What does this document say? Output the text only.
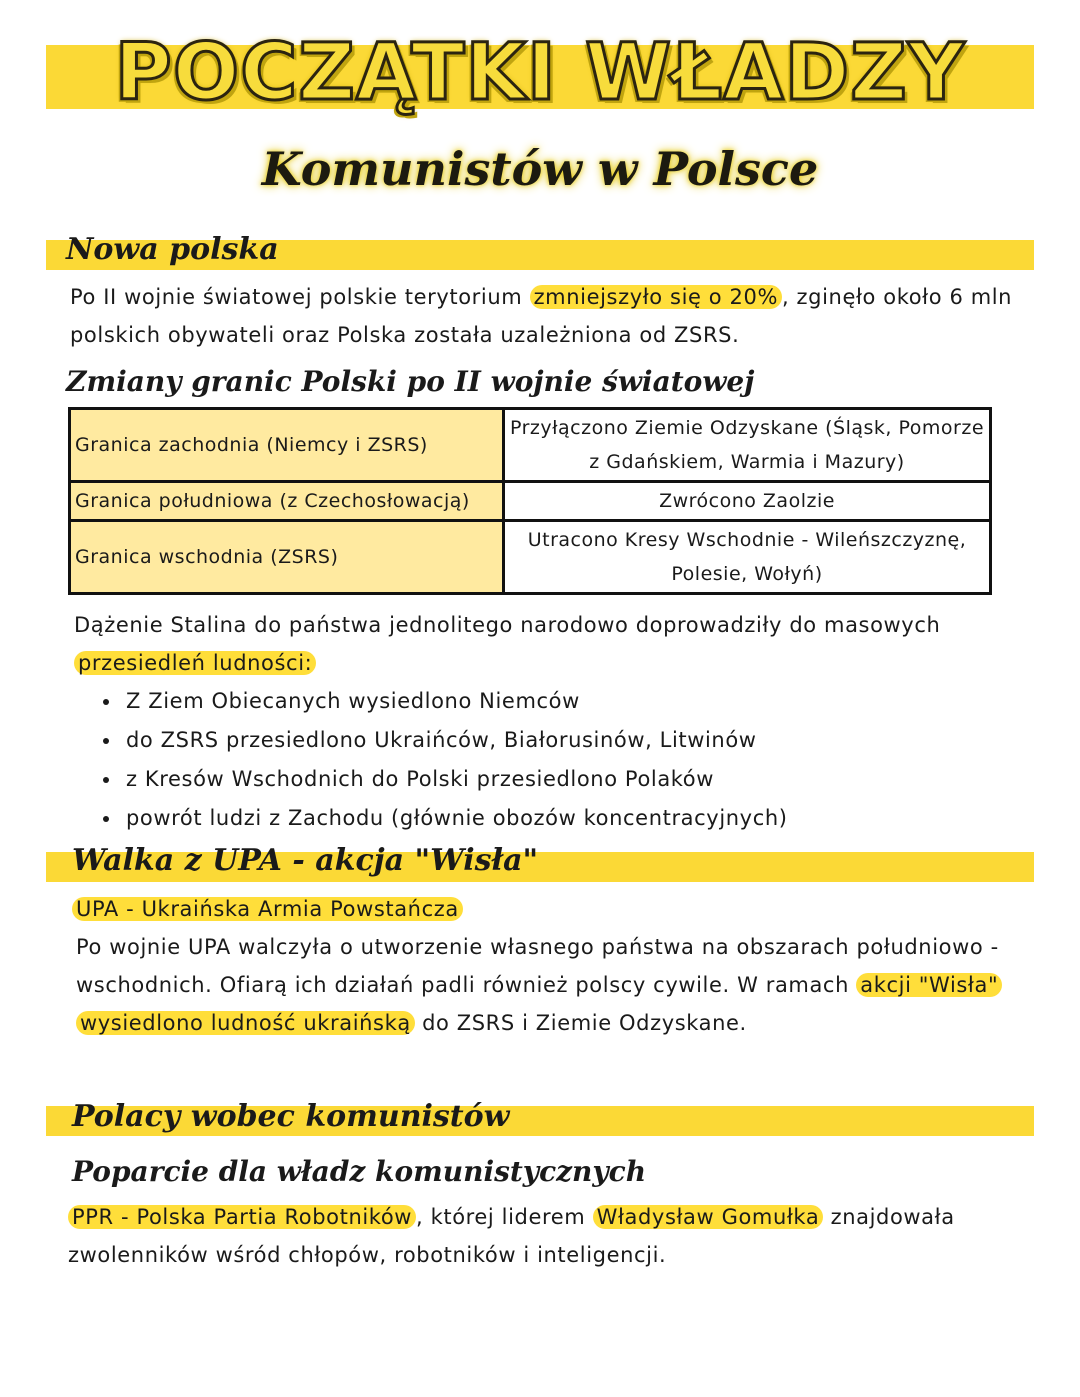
POCZĄTKI WŁADZY
Komunistów w Polsce
Nowa polska

Po II wojnie światowej polskie terytorium zmniejszyło się o 20% , zginęło około 6 mln polskich obywateli oraz Polska została uzależniona od ZSRS.

Zmiany granic Polski po II wojnie światowej
Granica zachodnia (Niemcy i ZSRS)	Przyłączono Ziemie Odzyskane (Śląsk, Pomorze z Gdańskiem, Warmia i Mazury)
Granica południowa (z Czechosłowacją)	Zwrócono Zaolzie
Granica wschodnia (ZSRS)	Utracono Kresy Wschodnie - Wileńszczyznę, Polesie, Wołyń)

Dążenie Stalina do państwa jednolitego narodowo doprowadziły do masowych przesiedleń ludności:

• Z Ziem Obiecanych wysiedlono Niemców
• do ZSRS przesiedlono Ukraińców, Białorusinów, Litwinów
• z Kresów Wschodnich do Polski przesiedlono Polaków
• powrót ludzi z Zachodu (głównie obozów koncentracyjnych)
Walka z UPA - akcja "Wisła"

UPA - Ukraińska Armia Powstańcza

Po wojnie UPA walczyła o utworzenie własnego państwa na obszarach południowo - wschodnich. Ofiarą ich działań padli również polscy cywile. W ramach akcji "Wisła" wysiedlono ludność ukraińską do ZSRS i Ziemie Odzyskane.

Polacy wobec komunistów
Poparcie dla władz komunistycznych

PPR - Polska Partia Robotników , której liderem Władysław Gomułka znajdowała zwolenników wśród chłopów, robotników i inteligencji.
